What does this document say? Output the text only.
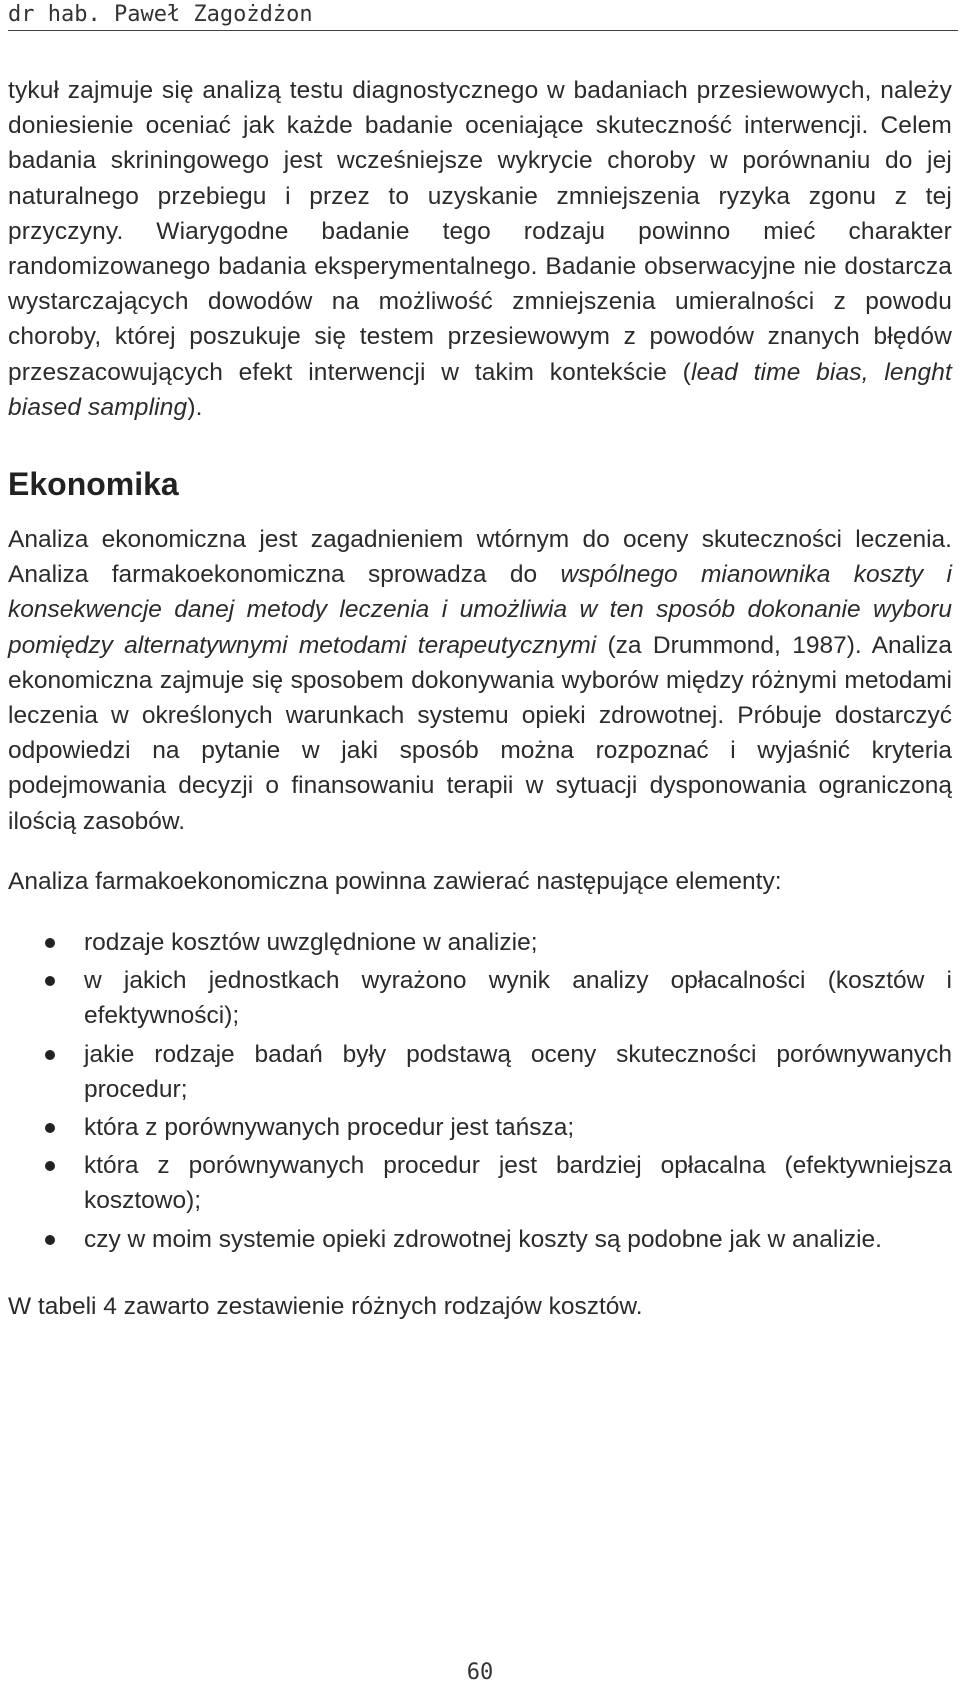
dr hab. Paweł Zagożdżon

tykuł zajmuje się analizą testu diagnostycznego w badaniach przesiewowych, należy doniesienie oceniać jak każde badanie oceniające skuteczność interwencji. Celem badania skriningowego jest wcześniejsze wykrycie choroby w porównaniu do jej naturalnego przebiegu i przez to uzyskanie zmniejszenia ryzyka zgonu z tej przyczyny. Wiarygodne badanie tego rodzaju powinno mieć charakter randomizowanego badania eksperymentalnego. Badanie obserwacyjne nie dostarcza wystarczających dowodów na możliwość zmniejszenia umieralności z powodu choroby, której poszukuje się testem przesiewowym z powodów znanych błędów przeszacowujących efekt interwencji w takim kontekście (lead time bias, lenght biased sampling).

Ekonomika

Analiza ekonomiczna jest zagadnieniem wtórnym do oceny skuteczności leczenia. Analiza farmakoekonomiczna sprowadza do wspólnego mianownika koszty i konsekwencje danej metody leczenia i umożliwia w ten sposób dokonanie wyboru pomiędzy alternatywnymi metodami terapeutycznymi (za Drummond, 1987). Analiza ekonomiczna zajmuje się sposobem dokonywania wyborów między różnymi metodami leczenia w określonych warunkach systemu opieki zdrowotnej. Próbuje dostarczyć odpowiedzi na pytanie w jaki sposób można rozpoznać i wyjaśnić kryteria podejmowania decyzji o finansowaniu terapii w sytuacji dysponowania ograniczoną ilością zasobów.

Analiza farmakoekonomiczna powinna zawierać następujące elementy:

rodzaje kosztów uwzględnione w analizie;
w jakich jednostkach wyrażono wynik analizy opłacalności (kosztów i efektywności);
jakie rodzaje badań były podstawą oceny skuteczności porównywanych procedur;
która z porównywanych procedur jest tańsza;
która z porównywanych procedur jest bardziej opłacalna (efektywniejsza kosztowo);
czy w moim systemie opieki zdrowotnej koszty są podobne jak w analizie.

W tabeli 4 zawarto zestawienie różnych rodzajów kosztów.

60
